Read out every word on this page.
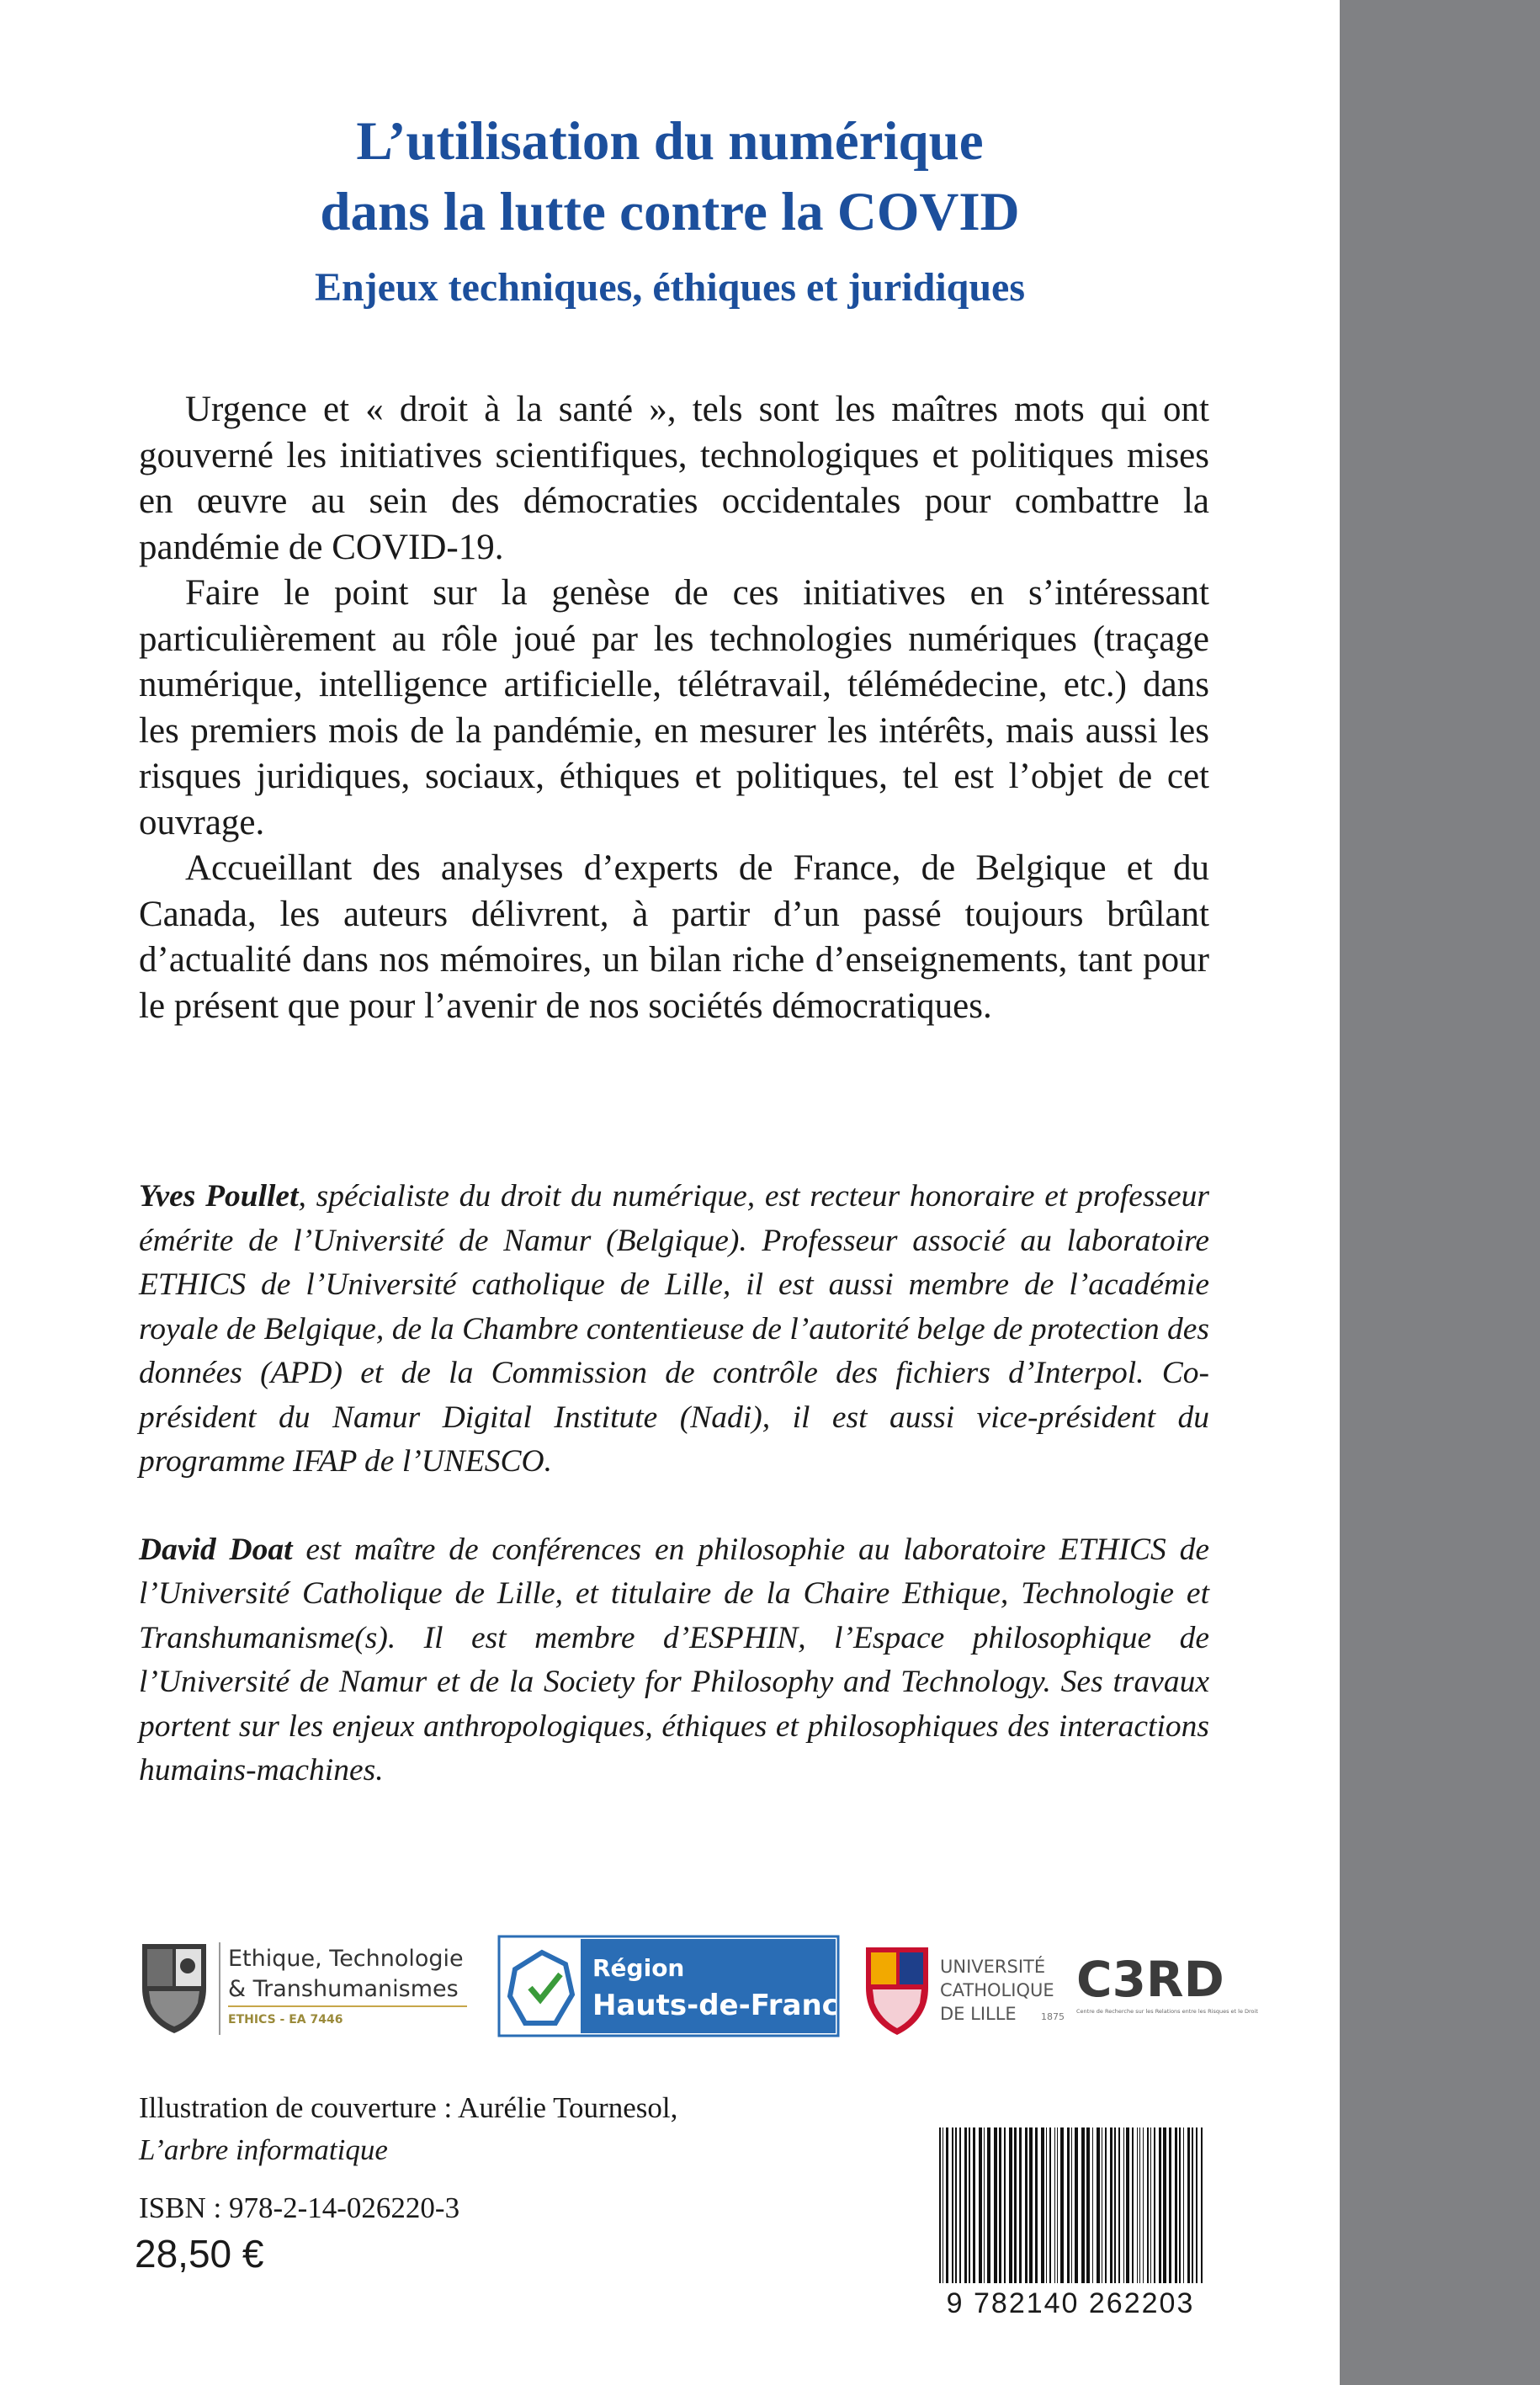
L’utilisation du numérique
dans la lutte contre la COVID
Enjeux techniques, éthiques et juridiques

Urgence et « droit à la santé », tels sont les maîtres mots qui ont gouverné les initiatives scientifiques, technologiques et politiques mises en œuvre au sein des démocraties occidentales pour combattre la pandémie de COVID-19.

Faire le point sur la genèse de ces initiatives en s’intéressant particulièrement au rôle joué par les technologies numériques (traçage numérique, intelligence artificielle, télétravail, télémédecine, etc.) dans les premiers mois de la pandémie, en mesurer les intérêts, mais aussi les risques juridiques, sociaux, éthiques et politiques, tel est l’objet de cet ouvrage.

Accueillant des analyses d’experts de France, de Belgique et du Canada, les auteurs délivrent, à partir d’un passé toujours brûlant d’actualité dans nos mémoires, un bilan riche d’enseignements, tant pour le présent que pour l’avenir de nos sociétés démocratiques.

Yves Poullet, spécialiste du droit du numérique, est recteur honoraire et professeur émérite de l’Université de Namur (Belgique). Professeur associé au laboratoire ETHICS de l’Université catholique de Lille, il est aussi membre de l’académie royale de Belgique, de la Chambre contentieuse de l’autorité belge de protection des données (APD) et de la Commission de contrôle des fichiers d’Interpol. Co-président du Namur Digital Institute (Nadi), il est aussi vice-président du programme IFAP de l’UNESCO.

David Doat est maître de conférences en philosophie au laboratoire ETHICS de l’Université Catholique de Lille, et titulaire de la Chaire Ethique, Technologie et Transhumanisme(s). Il est membre d’ESPHIN, l’Espace philosophique de l’Université de Namur et de la Society for Philosophy and Technology. Ses travaux portent sur les enjeux anthropologiques, éthiques et philosophiques des interactions humains-machines.

Ethique, Technologie
& Transhumanismes
ETHICS - EA 7446
Région
Hauts-de-France
UNIVERSITÉ
CATHOLIQUE
DE LILLE	1875
C3RD
Centre de Recherche sur les Relations entre les Risques et le Droit
Illustration de couverture : Aurélie Tournesol,
L’arbre informatique
ISBN : 978-2-14-026220-3
28,50 €
9 782140 262203
